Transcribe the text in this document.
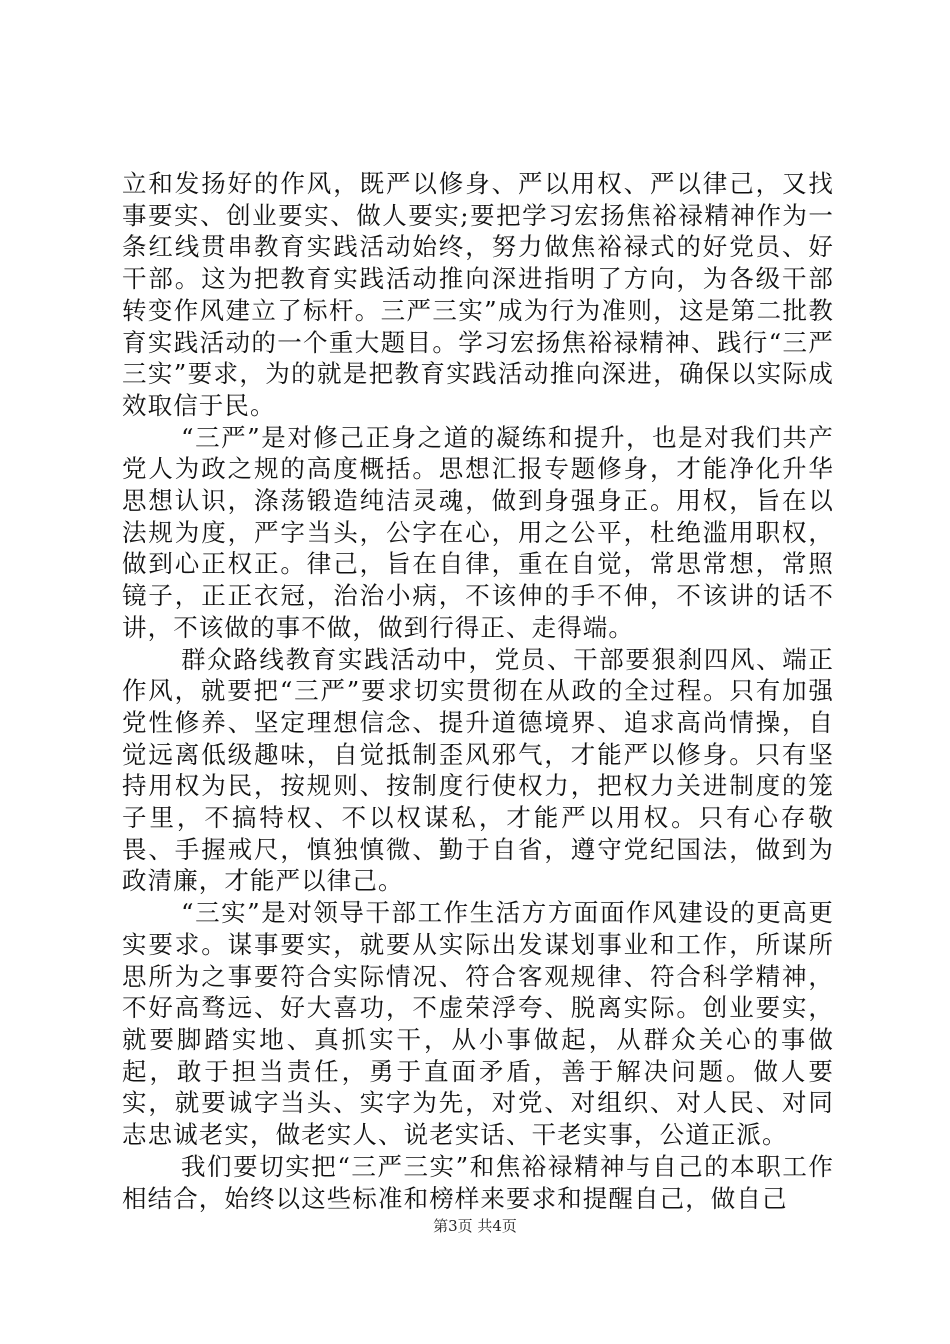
立和发扬好的作风，既严以修身、严以用权、严以律己，又找事要实、创业要实、做人要实;要把学习宏扬焦裕禄精神作为一条红线贯串教育实践活动始终，努力做焦裕禄式的好党员、好干部。这为把教育实践活动推向深进指明了方向，为各级干部转变作风建立了标杆。三严三实”成为行为准则，这是第二批教育实践活动的一个重大题目。学习宏扬焦裕禄精神、践行“三严三实”要求，为的就是把教育实践活动推向深进，确保以实际成效取信于民。

“三严”是对修己正身之道的凝练和提升，也是对我们共产党人为政之规的高度概括。思想汇报专题修身，才能净化升华思想认识，涤荡锻造纯洁灵魂，做到身强身正。用权，旨在以法规为度，严字当头，公字在心，用之公平，杜绝滥用职权，做到心正权正。律己，旨在自律，重在自觉，常思常想，常照镜子，正正衣冠，治治小病，不该伸的手不伸，不该讲的话不讲，不该做的事不做，做到行得正、走得端。

群众路线教育实践活动中，党员、干部要狠刹四风、端正作风，就要把“三严”要求切实贯彻在从政的全过程。只有加强党性修养、坚定理想信念、提升道德境界、追求高尚情操，自觉远离低级趣味，自觉抵制歪风邪气，才能严以修身。只有坚持用权为民，按规则、按制度行使权力，把权力关进制度的笼子里，不搞特权、不以权谋私，才能严以用权。只有心存敬畏、手握戒尺，慎独慎微、勤于自省，遵守党纪国法，做到为政清廉，才能严以律己。

“三实”是对领导干部工作生活方方面面作风建设的更高更实要求。谋事要实，就要从实际出发谋划事业和工作，所谋所思所为之事要符合实际情况、符合客观规律、符合科学精神，不好高骛远、好大喜功，不虚荣浮夸、脱离实际。创业要实，就要脚踏实地、真抓实干，从小事做起，从群众关心的事做起，敢于担当责任，勇于直面矛盾，善于解决问题。做人要实，就要诚字当头、实字为先，对党、对组织、对人民、对同志忠诚老实，做老实人、说老实话、干老实事，公道正派。

我们要切实把“三严三实”和焦裕禄精神与自己的本职工作相结合，始终以这些标准和榜样来要求和提醒自己，做自己

第3页 共4页
